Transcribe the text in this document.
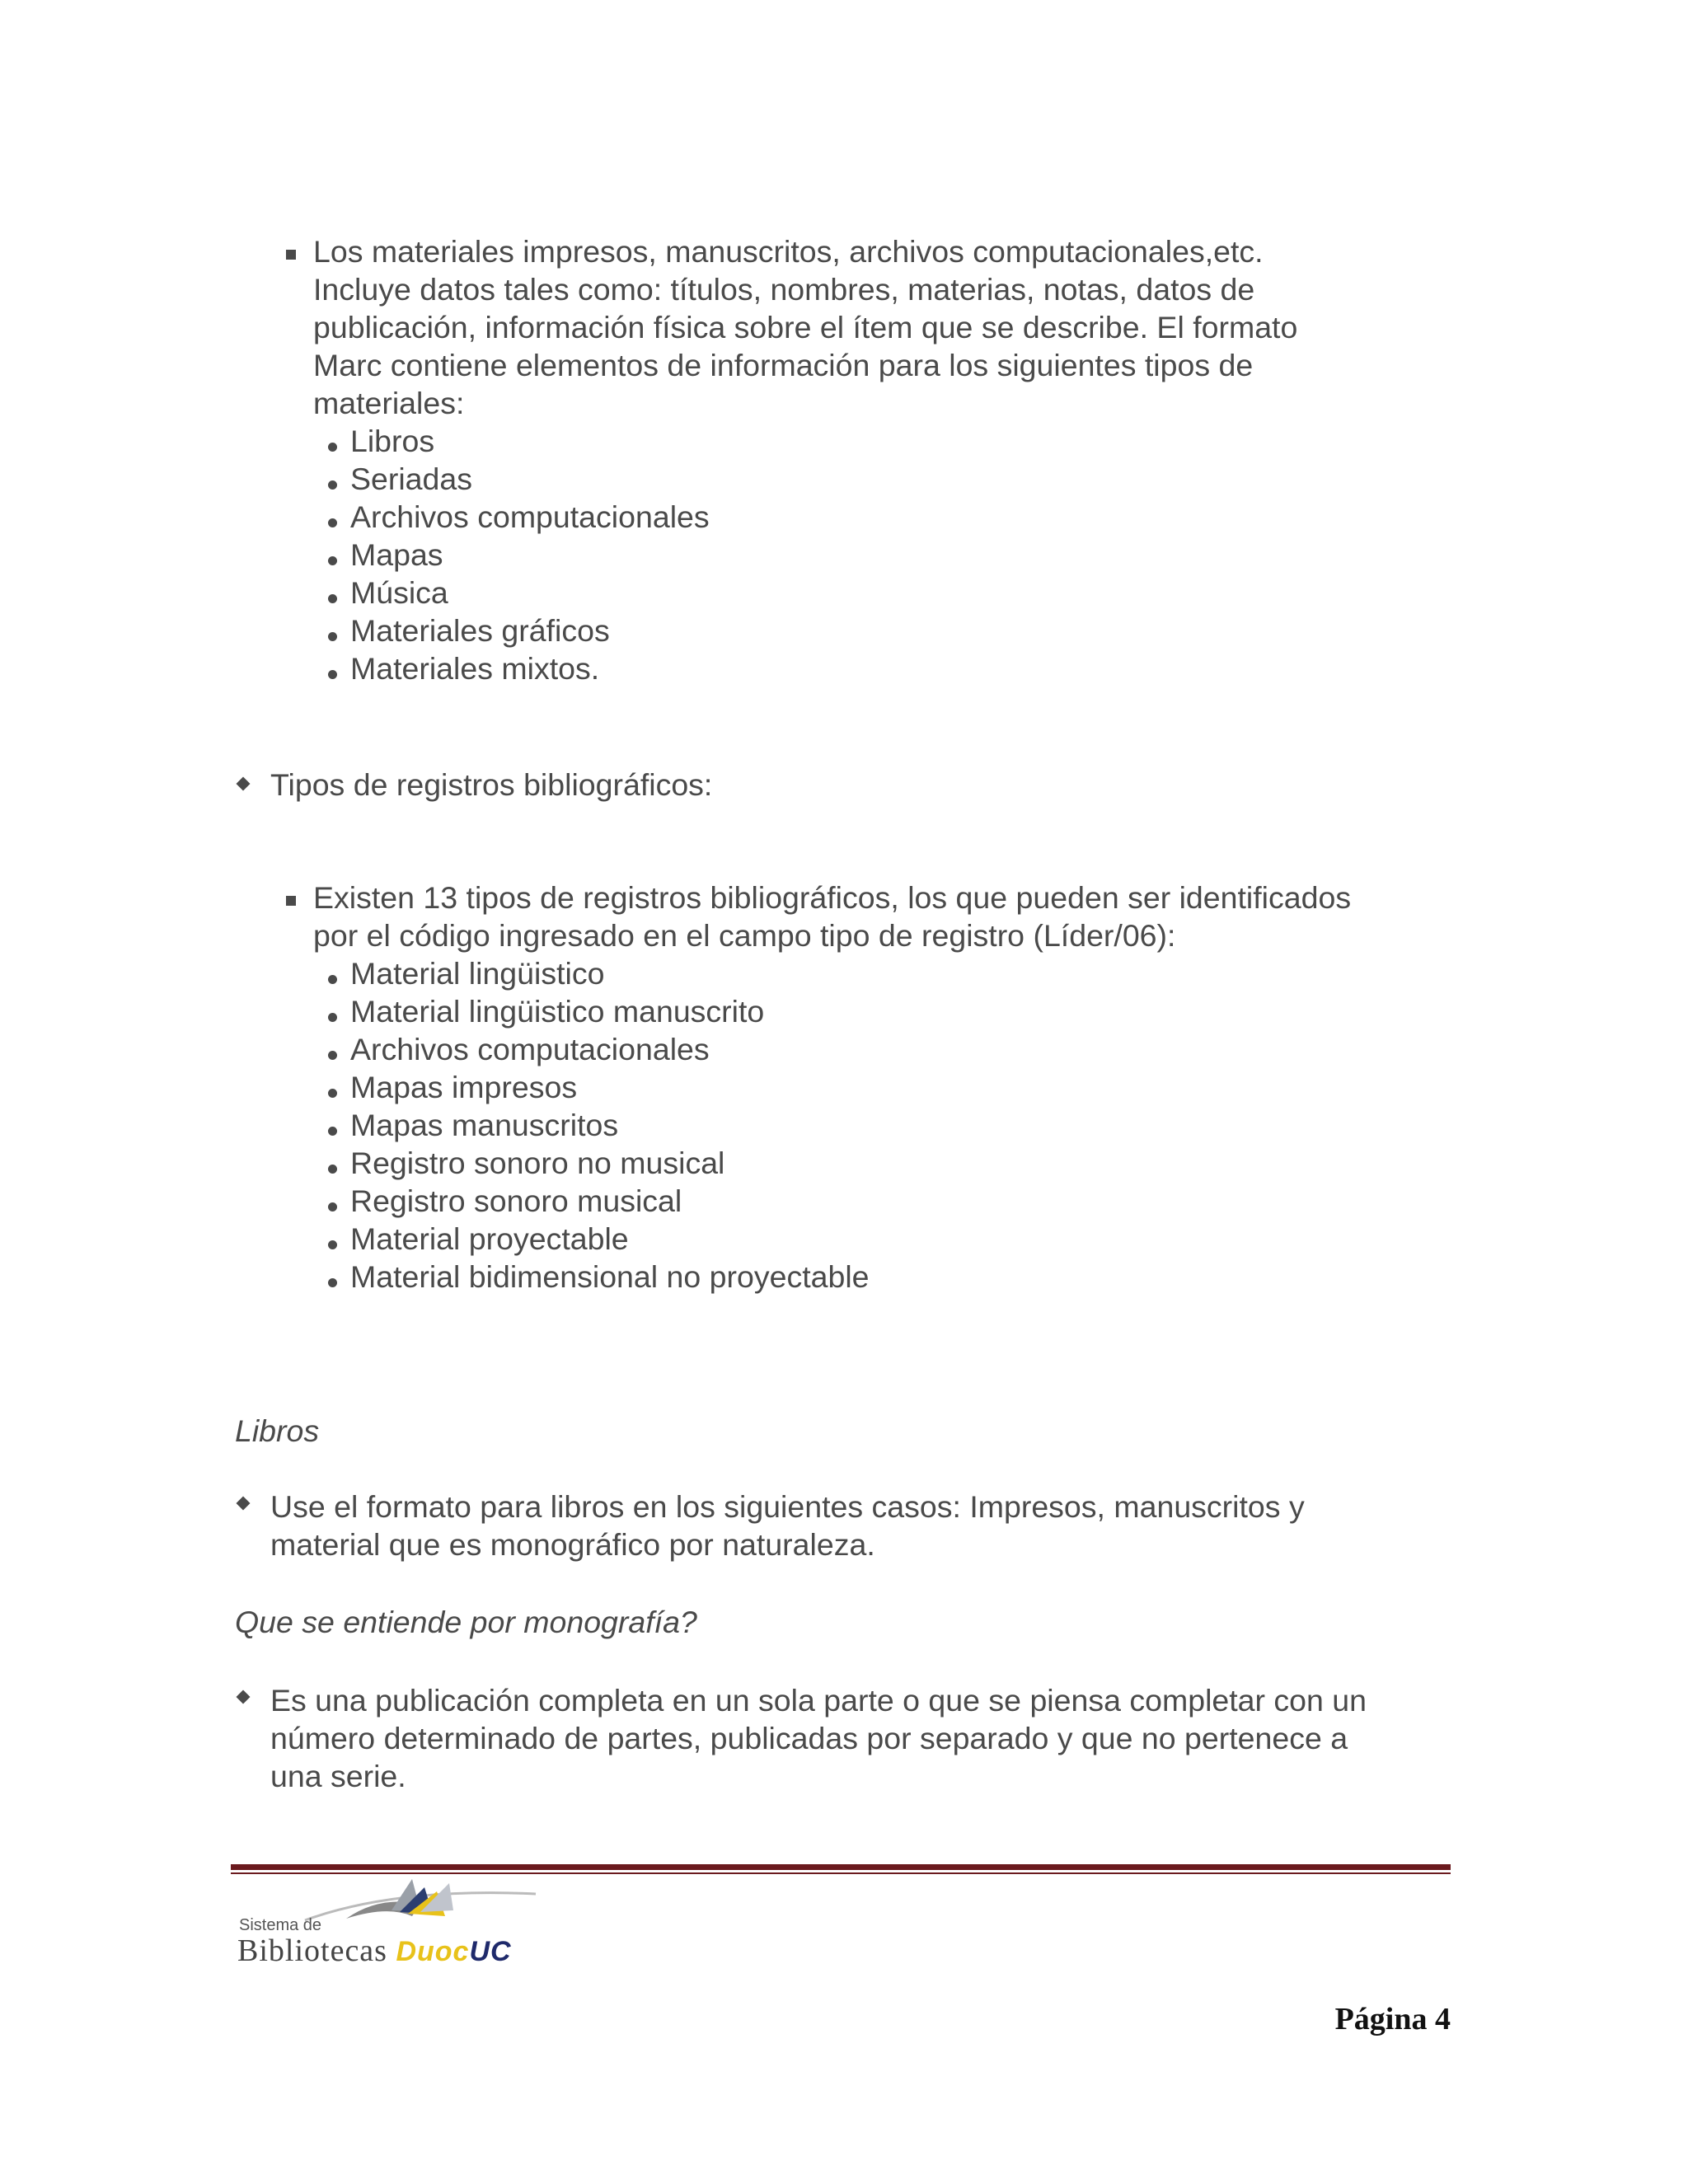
Los materiales impresos, manuscritos, archivos computacionales,etc.
Incluye datos tales como: títulos, nombres, materias, notas, datos de
publicación, información física sobre el ítem que se describe. El formato
Marc contiene elementos de información para los siguientes tipos de
materiales:
Libros
Seriadas
Archivos computacionales
Mapas
Música
Materiales gráficos
Materiales mixtos.
Tipos de registros bibliográficos:
Existen 13 tipos de registros bibliográficos, los que pueden ser identificados
por el código ingresado en el campo tipo de registro (Líder/06):
Material lingüistico
Material lingüistico manuscrito
Archivos computacionales
Mapas impresos
Mapas manuscritos
Registro sonoro no musical
Registro sonoro musical
Material proyectable
Material bidimensional no proyectable
Libros
Use el formato para libros en los siguientes casos: Impresos, manuscritos y
material que es monográfico por naturaleza.
Que se entiende por monografía?
Es una publicación completa en un sola parte o que se piensa completar con un
número determinado de partes, publicadas por separado y que no pertenece a
una serie.
Sistema de
Bibliotecas DuocUC
Página 4
